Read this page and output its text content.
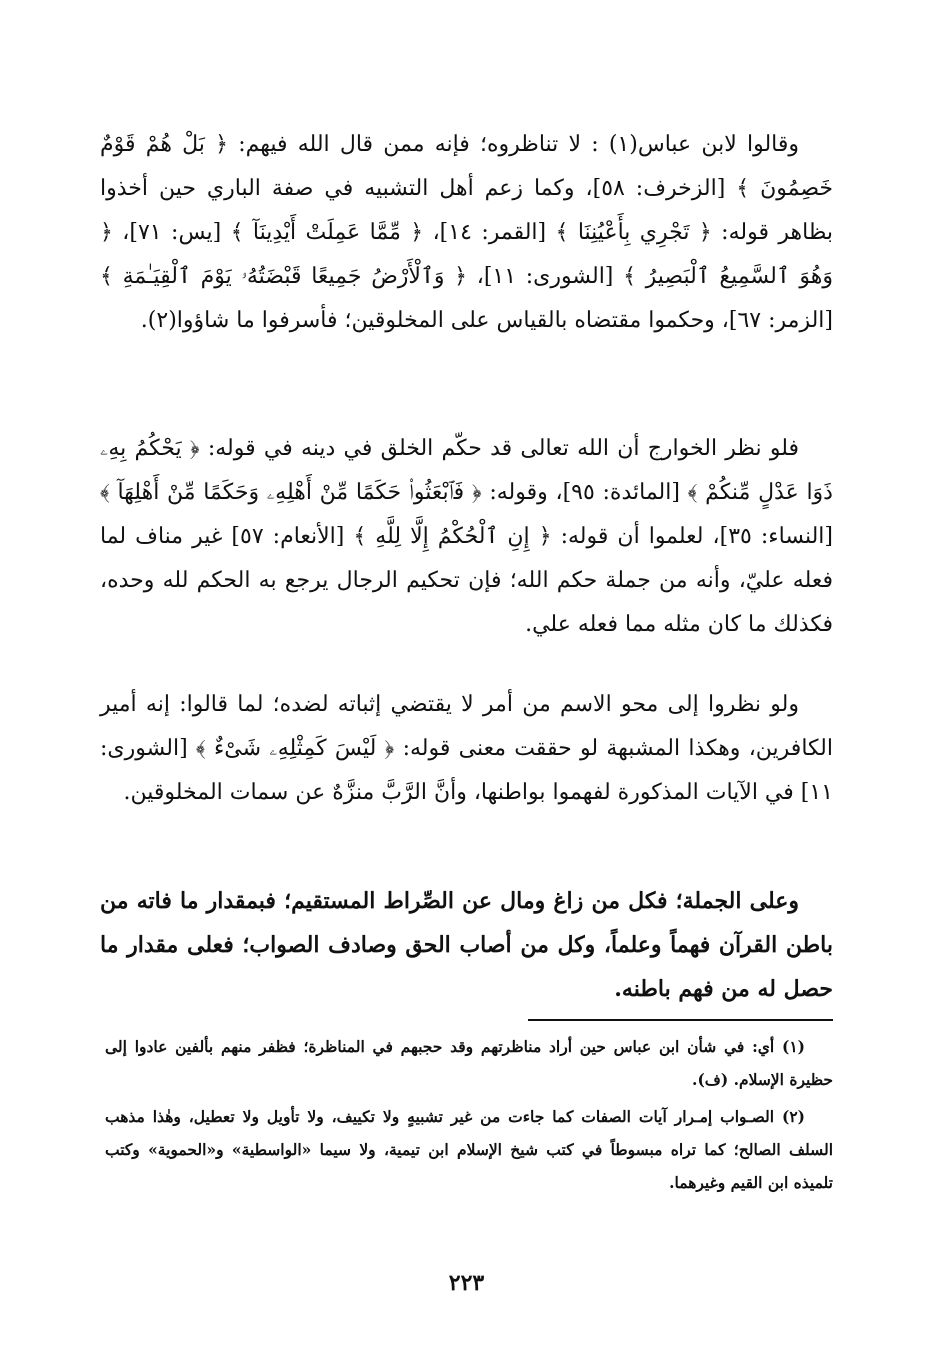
وقالوا لابن عباس(١) : لا تناظروه؛ فإنه ممن قال الله فيهم: ﴿ بَلْ هُمْ قَوْمٌ خَصِمُونَ ﴾ [الزخرف: ٥٨]، وكما زعم أهل التشبيه في صفة الباري حين أخذوا بظاهر قوله: ﴿ تَجْرِي بِأَعْيُنِنَا ﴾ [القمر: ١٤]، ﴿ مِّمَّا عَمِلَتْ أَيْدِينَآ ﴾ [يس: ٧١]، ﴿ وَهُوَ ٱلسَّمِيعُ ٱلْبَصِيرُ ﴾ [الشورى: ١١]، ﴿ وَٱلْأَرْضُ جَمِيعًا قَبْضَتُهُۥ يَوْمَ ٱلْقِيَـٰمَةِ ﴾ [الزمر: ٦٧]، وحكموا مقتضاه بالقياس على المخلوقين؛ فأسرفوا ما شاؤوا(٢).

فلو نظر الخوارج أن الله تعالى قد حكّم الخلق في دينه في قوله: ﴿ يَحْكُمُ بِهِۦ ذَوَا عَدْلٍ مِّنكُمْ ﴾ [المائدة: ٩٥]، وقوله: ﴿ فَٱبْعَثُوا۟ حَكَمًا مِّنْ أَهْلِهِۦ وَحَكَمًا مِّنْ أَهْلِهَآ ﴾ [النساء: ٣٥]، لعلموا أن قوله: ﴿ إِنِ ٱلْحُكْمُ إِلَّا لِلَّهِ ﴾ [الأنعام: ٥٧] غير مناف لما فعله عليّ، وأنه من جملة حكم الله؛ فإن تحكيم الرجال يرجع به الحكم لله وحده، فكذلك ما كان مثله مما فعله علي.

ولو نظروا إلى محو الاسم من أمر لا يقتضي إثباته لضده؛ لما قالوا: إنه أمير الكافرين، وهكذا المشبهة لو حققت معنى قوله: ﴿ لَيْسَ كَمِثْلِهِۦ شَىْءٌ ﴾ [الشورى: ١١] في الآيات المذكورة لفهموا بواطنها، وأنَّ الرَّبَّ منزَّهٌ عن سمات المخلوقين.

وعلى الجملة؛ فكل من زاغ ومال عن الصِّراط المستقيم؛ فبمقدار ما فاته من باطن القرآن فهماً وعلماً، وكل من أصاب الحق وصادف الصواب؛ فعلى مقدار ما حصل له من فهم باطنه.

(١) أي: في شأن ابن عباس حين أراد مناظرتهم وقد حجبهم في المناظرة؛ فظفر منهم بألفين عادوا إلى حظيرة الإسلام. (ف).

(٢) الصـواب إمـرار آيات الصفات كما جاءت من غير تشبيهٍ ولا تكييف، ولا تأويل ولا تعطيل، وهٰذا مذهب السلف الصالح؛ كما تراه مبسوطاً في كتب شيخ الإسلام ابن تيمية، ولا سيما «الواسطية» و«الحموية» وكتب تلميذه ابن القيم وغيرهما.

٢٢٣
